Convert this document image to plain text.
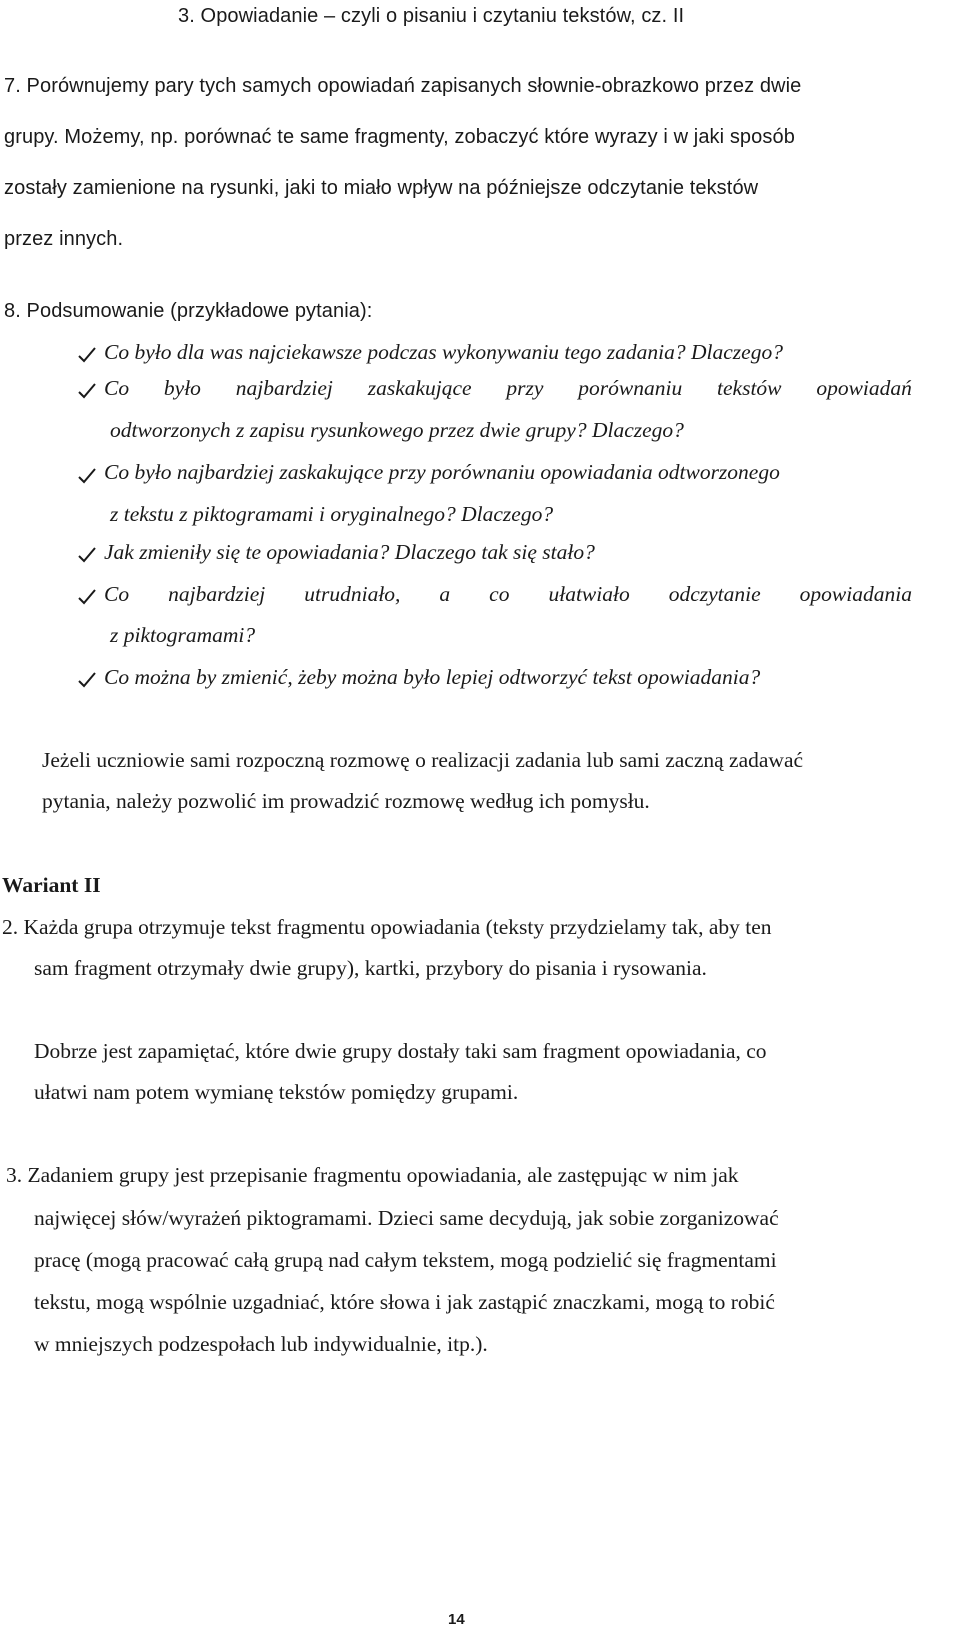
3. Opowiadanie – czyli o pisaniu i czytaniu tekstów, cz. II
7. Porównujemy pary tych samych opowiadań zapisanych słownie-obrazkowo przez dwie
grupy. Możemy, np. porównać te same fragmenty, zobaczyć które wyrazy i w jaki sposób
zostały zamienione na rysunki, jaki to miało wpływ na późniejsze odczytanie tekstów
przez innych.
8. Podsumowanie (przykładowe pytania):
Co było dla was najciekawsze podczas wykonywaniu tego zadania? Dlaczego?
Co było najbardziej zaskakujące przy porównaniu tekstów opowiadań
odtworzonych z zapisu rysunkowego przez dwie grupy? Dlaczego?
Co było najbardziej zaskakujące przy porównaniu opowiadania odtworzonego
z tekstu z piktogramami i oryginalnego? Dlaczego?
Jak zmieniły się te opowiadania? Dlaczego tak się stało?
Co najbardziej utrudniało, a co ułatwiało odczytanie opowiadania
z piktogramami?
Co można by zmienić, żeby można było lepiej odtworzyć tekst opowiadania?
Jeżeli uczniowie sami rozpoczną rozmowę o realizacji zadania lub sami zaczną zadawać
pytania, należy pozwolić im prowadzić rozmowę według ich pomysłu.
Wariant II
2. Każda grupa otrzymuje tekst fragmentu opowiadania (teksty przydzielamy tak, aby ten
sam fragment otrzymały dwie grupy), kartki, przybory do pisania i rysowania.
Dobrze jest zapamiętać, które dwie grupy dostały taki sam fragment opowiadania, co
ułatwi nam potem wymianę tekstów pomiędzy grupami.
3. Zadaniem grupy jest przepisanie fragmentu opowiadania, ale zastępując w nim jak
najwięcej słów/wyrażeń piktogramami. Dzieci same decydują, jak sobie zorganizować
pracę (mogą pracować całą grupą nad całym tekstem, mogą podzielić się fragmentami
tekstu, mogą wspólnie uzgadniać, które słowa i jak zastąpić znaczkami, mogą to robić
w mniejszych podzespołach lub indywidualnie, itp.).
14
